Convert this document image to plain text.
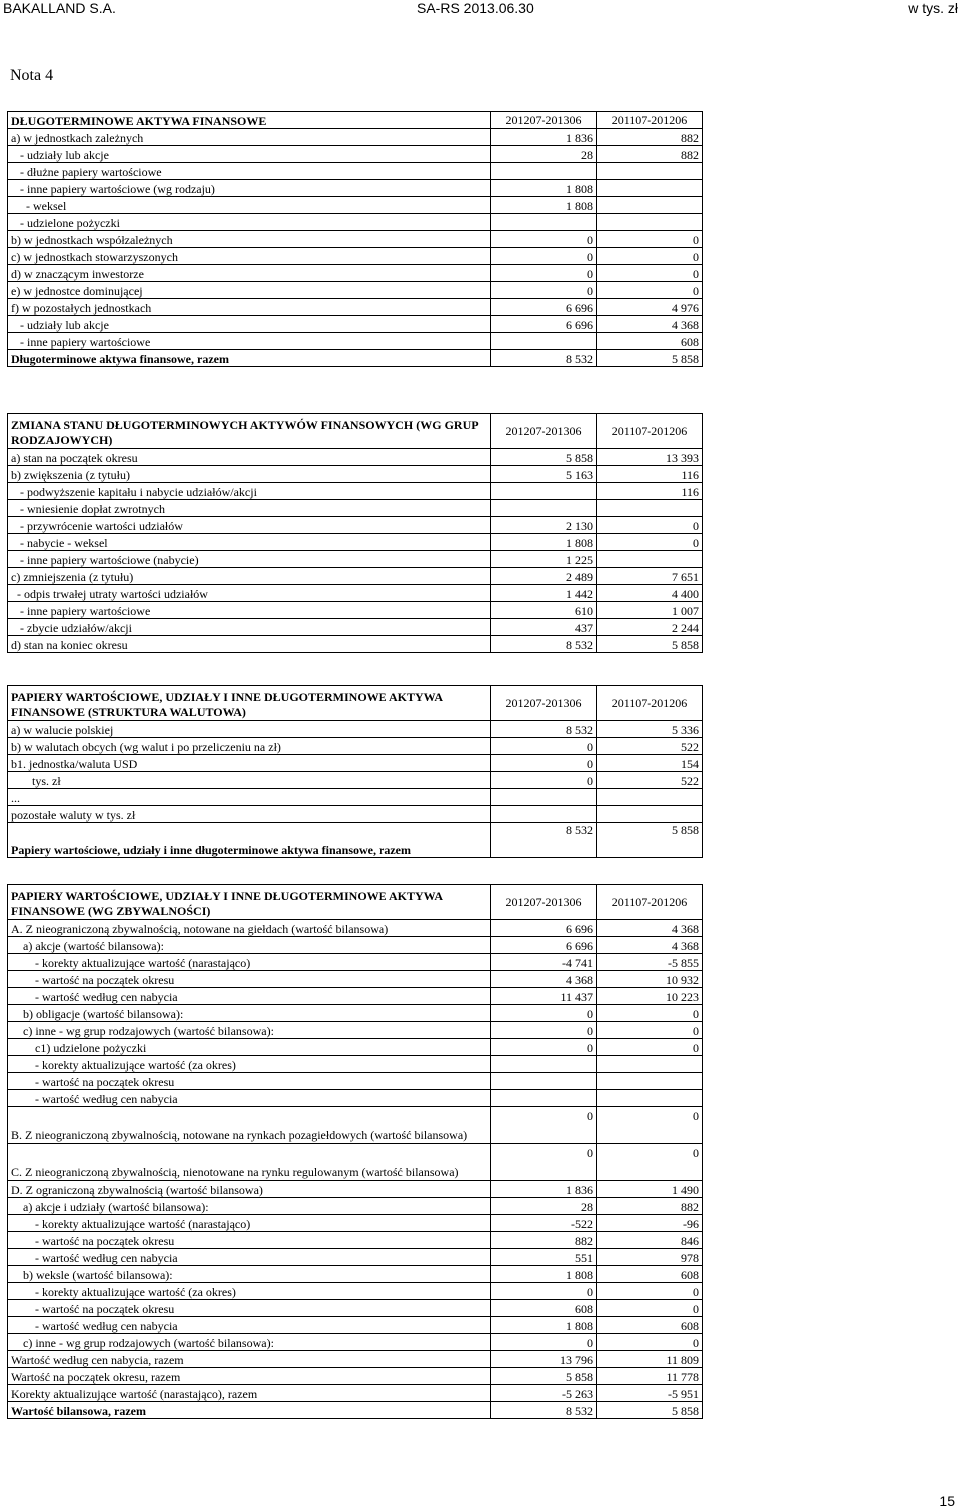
BAKALLAND S.A.	SA-RS 2013.06.30	w tys. zł
Nota 4
DŁUGOTERMINOWE AKTYWA FINANSOWE	201207-201306	201107-201206
a) w jednostkach zależnych	1 836	882
- udziały lub akcje	28	882
- dłużne papiery wartościowe		
- inne papiery wartościowe (wg rodzaju)	1 808	
- weksel	1 808	
- udzielone pożyczki		
b) w jednostkach współzależnych	0	0
c) w jednostkach stowarzyszonych	0	0
d) w znaczącym inwestorze	0	0
e) w jednostce dominującej	0	0
f) w pozostałych jednostkach	6 696	4 976
- udziały lub akcje	6 696	4 368
- inne papiery wartościowe		608
Długoterminowe aktywa finansowe, razem	8 532	5 858
ZMIANA STANU DŁUGOTERMINOWYCH AKTYWÓW FINANSOWYCH (WG GRUP RODZAJOWYCH)	201207-201306	201107-201206
a) stan na początek okresu	5 858	13 393
b) zwiększenia (z tytułu)	5 163	116
- podwyższenie kapitału i nabycie udziałów/akcji		116
- wniesienie dopłat zwrotnych		
- przywrócenie wartości udziałów	2 130	0
- nabycie - weksel	1 808	0
- inne papiery wartościowe (nabycie)	1 225	
c) zmniejszenia (z tytułu)	2 489	7 651
- odpis trwałej utraty wartości udziałów	1 442	4 400
- inne papiery wartościowe	610	1 007
- zbycie udziałów/akcji	437	2 244
d) stan na koniec okresu	8 532	5 858
PAPIERY WARTOŚCIOWE, UDZIAŁY I INNE DŁUGOTERMINOWE AKTYWA FINANSOWE (STRUKTURA WALUTOWA)	201207-201306	201107-201206
a) w walucie polskiej	8 532	5 336
b) w walutach obcych (wg walut i po przeliczeniu na zł)	0	522
b1. jednostka/waluta USD	0	154
tys. zł	0	522
...		
pozostałe waluty w tys. zł		
Papiery wartościowe, udziały i inne długoterminowe aktywa finansowe, razem	8 532	5 858
PAPIERY WARTOŚCIOWE, UDZIAŁY I INNE DŁUGOTERMINOWE AKTYWA FINANSOWE (WG ZBYWALNOŚCI)	201207-201306	201107-201206
A. Z nieograniczoną zbywalnością, notowane na giełdach (wartość bilansowa)	6 696	4 368
a) akcje (wartość bilansowa):	6 696	4 368
- korekty aktualizujące wartość (narastająco)	-4 741	-5 855
- wartość na początek okresu	4 368	10 932
- wartość według cen nabycia	11 437	10 223
b) obligacje (wartość bilansowa):	0	0
c) inne - wg grup rodzajowych (wartość bilansowa):	0	0
c1) udzielone pożyczki	0	0
- korekty aktualizujące wartość (za okres)		
- wartość na początek okresu		
- wartość według cen nabycia		
B. Z nieograniczoną zbywalnością, notowane na rynkach pozagiełdowych (wartość bilansowa)	0	0
C. Z nieograniczoną zbywalnością, nienotowane na rynku regulowanym (wartość bilansowa)	0	0
D. Z ograniczoną zbywalnością (wartość bilansowa)	1 836	1 490
a) akcje i udziały (wartość bilansowa):	28	882
- korekty aktualizujące wartość (narastająco)	-522	-96
- wartość na początek okresu	882	846
- wartość według cen nabycia	551	978
b) weksle (wartość bilansowa):	1 808	608
- korekty aktualizujące wartość (za okres)	0	0
- wartość na początek okresu	608	0
- wartość według cen nabycia	1 808	608
c) inne - wg grup rodzajowych (wartość bilansowa):	0	0
Wartość według cen nabycia, razem	13 796	11 809
Wartość na początek okresu, razem	5 858	11 778
Korekty aktualizujące wartość (narastająco), razem	-5 263	-5 951
Wartość bilansowa, razem	8 532	5 858
15
